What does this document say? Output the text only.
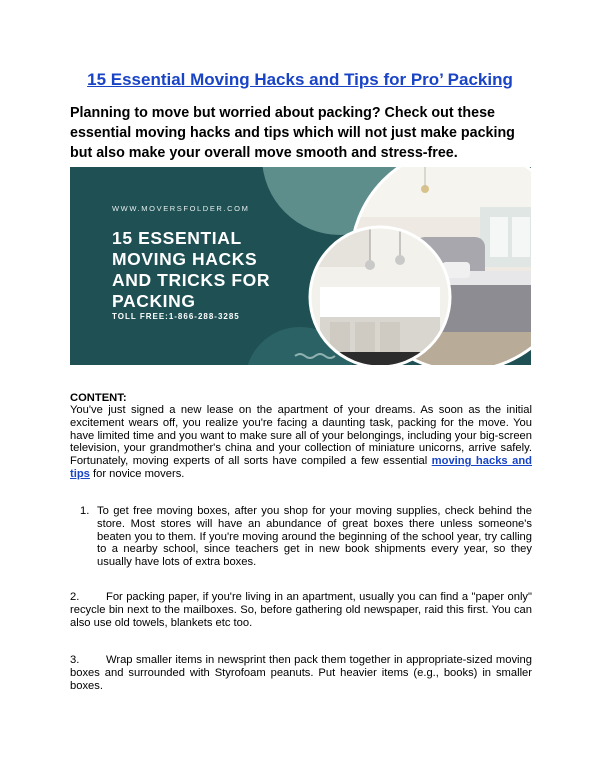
15 Essential Moving Hacks and Tips for Pro’ Packing

Planning to move but worried about packing? Check out these essential moving hacks and tips which will not just make packing but also make your overall move smooth and stress-free.

WWW.MOVERSFOLDER.COM
15 ESSENTIAL
MOVING HACKS
AND TRICKS FOR
PACKING
TOLL FREE:1-866-288-3285

CONTENT:

You've just signed a new lease on the apartment of your dreams. As soon as the initial excitement wears off, you realize you're facing a daunting task, packing for the move. You have limited time and you want to make sure all of your belongings, including your big-screen television, your grandmother's china and your collection of miniature unicorns, arrive safely. Fortunately, moving experts of all sorts have compiled a few essential moving hacks and tips for novice movers.

1. To get free moving boxes, after you shop for your moving supplies, check behind the store. Most stores will have an abundance of great boxes there unless someone's beaten you to them. If you're moving around the beginning of the school year, try calling to a nearby school, since teachers get in new book shipments every year, so they usually have lots of extra boxes.

2.	For packing paper, if you're living in an apartment, usually you can find a "paper only" recycle bin next to the mailboxes. So, before gathering old newspaper, raid this first. You can also use old towels, blankets etc too.

3.	Wrap smaller items in newsprint then pack them together in appropriate-sized moving boxes and surrounded with Styrofoam peanuts. Put heavier items (e.g., books) in smaller boxes.
